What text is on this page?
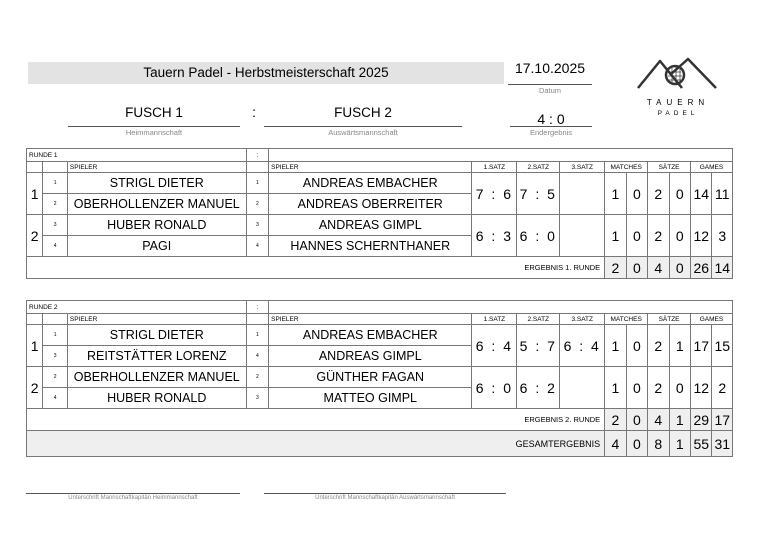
Tauern Padel - Herbstmeisterschaft 2025	17.10.2025
Datum
FUSCH 1	:	FUSCH 2
Heimmannschaft	Auswärtsmannschaft
4 : 0
Endergebnis
TAUERN
PADEL
RUNDE 1			:										
		SPIELER		SPIELER	1.SATZ	2.SATZ	3.SATZ	MATCHES		SÄTZE		GAMES	
1	1	STRIGL DIETER	1	ANDREAS EMBACHER	7 : 6	7 : 5		1	0	2	0	14	11
	2	OBERHOLLENZER MANUEL	2	ANDREAS OBERREITER									
2	3	HUBER RONALD	3	ANDREAS GIMPL	6 : 3	6 : 0		1	0	2	0	12	3
	4	PAGI	4	HANNES SCHERNTHANER									
ERGEBNIS 1. RUNDE								2	0	4	0	26	14
RUNDE 2			:										
		SPIELER		SPIELER	1.SATZ	2.SATZ	3.SATZ	MATCHES		SÄTZE		GAMES	
1	1	STRIGL DIETER	1	ANDREAS EMBACHER	6 : 4	5 : 7	6 : 4	1	0	2	1	17	15
	3	REITSTÄTTER LORENZ	4	ANDREAS GIMPL									
2	2	OBERHOLLENZER MANUEL	2	GÜNTHER FAGAN	6 : 0	6 : 2		1	0	2	0	12	2
	4	HUBER RONALD	3	MATTEO GIMPL									
ERGEBNIS 2. RUNDE								2	0	4	1	29	17
GESAMTERGEBNIS								4	0	8	1	55	31
Unterschrift Mannschaftkapitän Heimmannschaft	Unterschrift Mannschaftkapitän Auswärtsmannschaft
